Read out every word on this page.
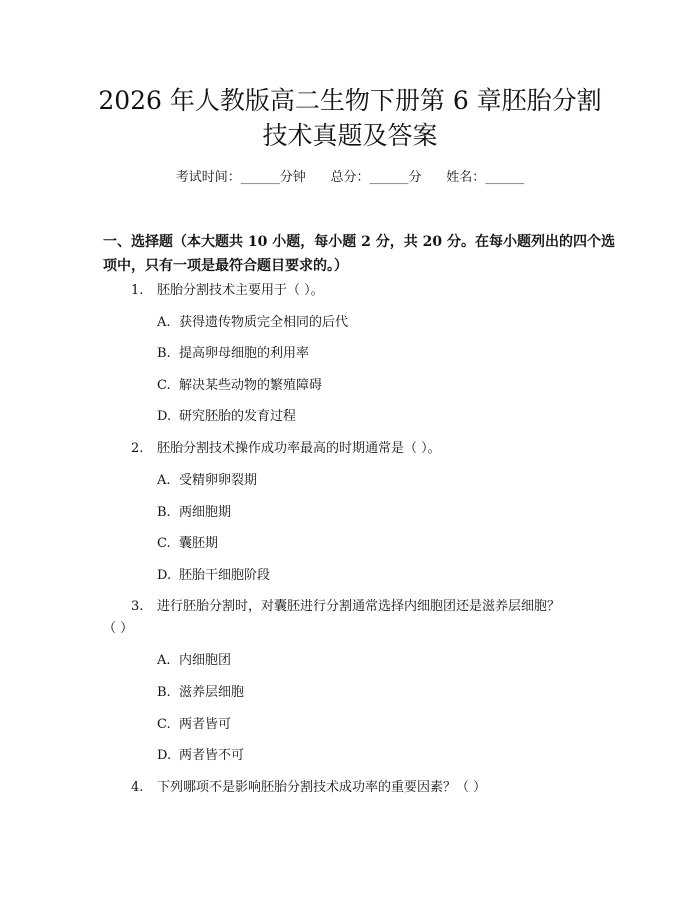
2026 年人教版高二生物下册第 6 章胚胎分割
技术真题及答案
考试时间：______分钟      总分：______分      姓名：______
一、选择题（本大题共 10 小题，每小题 2 分，共 20 分。在每小题列出的四个选
项中，只有一项是最符合题目要求的。）
1. 胚胎分割技术主要用于（ ）。
A. 获得遗传物质完全相同的后代
B. 提高卵母细胞的利用率
C. 解决某些动物的繁殖障碍
D. 研究胚胎的发育过程
2. 胚胎分割技术操作成功率最高的时期通常是（ ）。
A. 受精卵卵裂期
B. 两细胞期
C. 囊胚期
D. 胚胎干细胞阶段
3. 进行胚胎分割时，对囊胚进行分割通常选择内细胞团还是滋养层细胞？
（ ）
A. 内细胞团
B. 滋养层细胞
C. 两者皆可
D. 两者皆不可
4. 下列哪项不是影响胚胎分割技术成功率的重要因素？（ ）
